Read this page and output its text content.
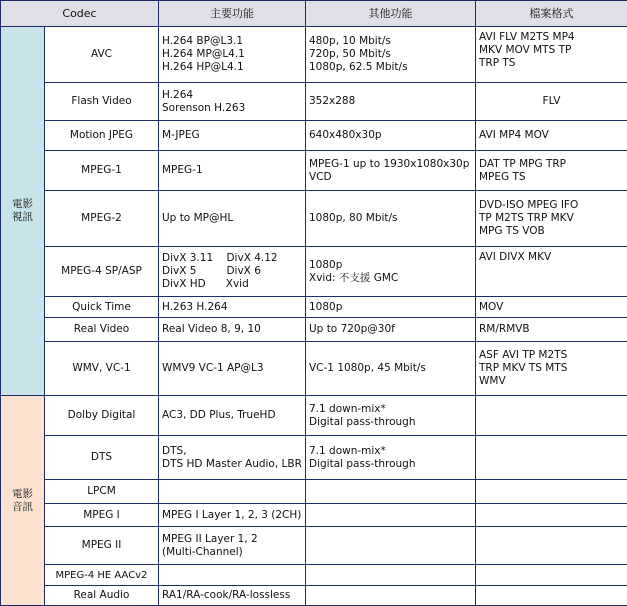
Codec		主要功能	其他功能	檔案格式

電影
視訊	AVC	H.264 BP@L3.1
H.264 MP@L4.1
H.264 HP@L4.1	480p, 10 Mbit/s
720p, 50 Mbit/s
1080p, 62.5 Mbit/s	AVI FLV M2TS MP4
MKV MOV MTS TP
TRP TS

	Flash Video	H.264
Sorenson H.263	352x288	FLV
	Motion JPEG	M-JPEG	640x480x30p	AVI MP4 MOV
	MPEG-1	MPEG-1	MPEG-1 up to 1930x1080x30p
VCD	DAT TP MPG TRP
MPEG TS

	MPEG-2	Up to MP@HL	1080p, 80 Mbit/s	DVD-ISO MPEG IFO
TP M2TS TRP MKV
MPG TS VOB

	MPEG-4 SP/ASP	DivX 3.11    DivX 4.12
DivX 5         DivX 6
DivX HD      Xvid	1080p
Xvid: 不支援 GMC	AVI DIVX MKV
	Quick Time	H.263 H.264	1080p	MOV
	Real Video	Real Video 8, 9, 10	Up to 720p@30f	RM/RMVB
	WMV, VC-1	WMV9 VC-1 AP@L3	VC-1 1080p, 45 Mbit/s	ASF AVI TP M2TS
TRP MKV TS MTS
WMV

電影
音訊	Dolby Digital	AC3, DD Plus, TrueHD	7.1 down-mix*
Digital pass-through	

	DTS	DTS,
DTS HD Master Audio, LBR	7.1 down-mix*
Digital pass-through	

	LPCM			
	MPEG I	MPEG I Layer 1, 2, 3 (2CH)		
	MPEG II	MPEG II Layer 1, 2
(Multi-Channel)		

	MPEG-4 HE AACv2			
	Real Audio	RA1/RA-cook/RA-lossless		
